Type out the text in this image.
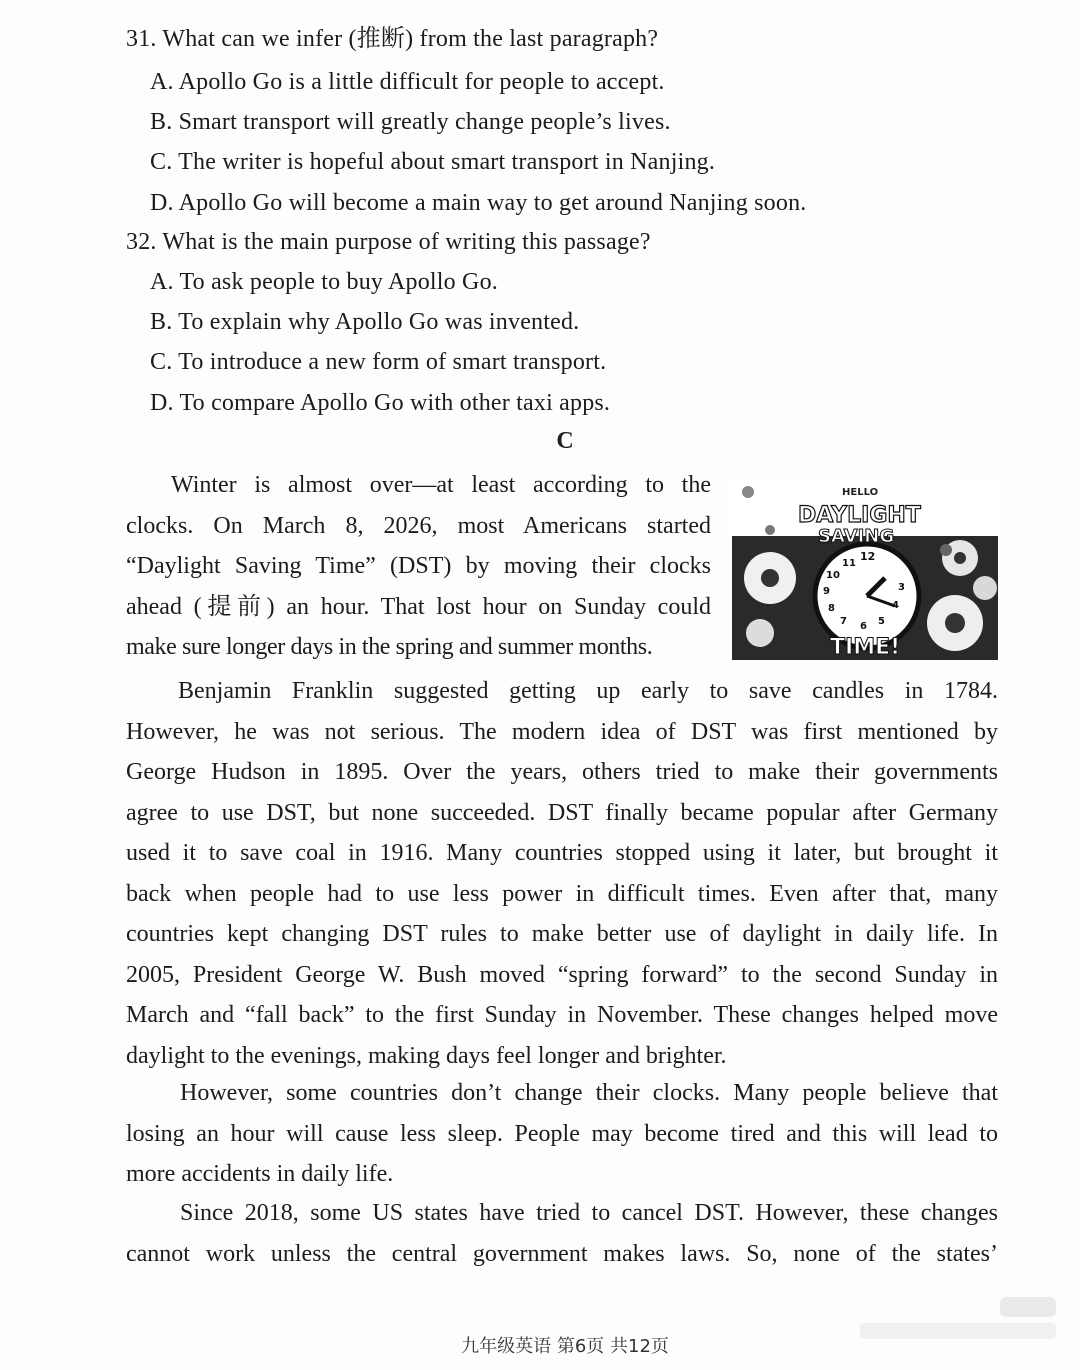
31. What can we infer (推断) from the last paragraph?
A. Apollo Go is a little difficult for people to accept.
B. Smart transport will greatly change people’s lives.
C. The writer is hopeful about smart transport in Nanjing.
D. Apollo Go will become a main way to get around Nanjing soon.
32. What is the main purpose of writing this passage?
A. To ask people to buy Apollo Go.
B. To explain why Apollo Go was invented.
C. To introduce a new form of smart transport.
D. To compare Apollo Go with other taxi apps.
C
Winter is almost over—at least according to the
clocks. On March 8, 2026, most Americans started
“Daylight Saving Time” (DST) by moving their clocks
ahead (提前) an hour. That lost hour on Sunday could
make sure longer days in the spring and summer months.
12
11
10
9
8
7 6 5
4
3
HELLO
DAYLIGHT
SAVING
TIME!
Benjamin Franklin suggested getting up early to save candles in 1784.
However, he was not serious. The modern idea of DST was first mentioned by
George Hudson in 1895. Over the years, others tried to make their governments
agree to use DST, but none succeeded. DST finally became popular after Germany
used it to save coal in 1916. Many countries stopped using it later, but brought it
back when people had to use less power in difficult times. Even after that, many
countries kept changing DST rules to make better use of daylight in daily life. In
2005, President George W. Bush moved “spring forward” to the second Sunday in
March and “fall back” to the first Sunday in November. These changes helped move
daylight to the evenings, making days feel longer and brighter.
However, some countries don’t change their clocks. Many people believe that
losing an hour will cause less sleep. People may become tired and this will lead to
more accidents in daily life.
Since 2018, some US states have tried to cancel DST. However, these changes
cannot work unless the central government makes laws. So, none of the states’
九年级英语 第6页 共12页
